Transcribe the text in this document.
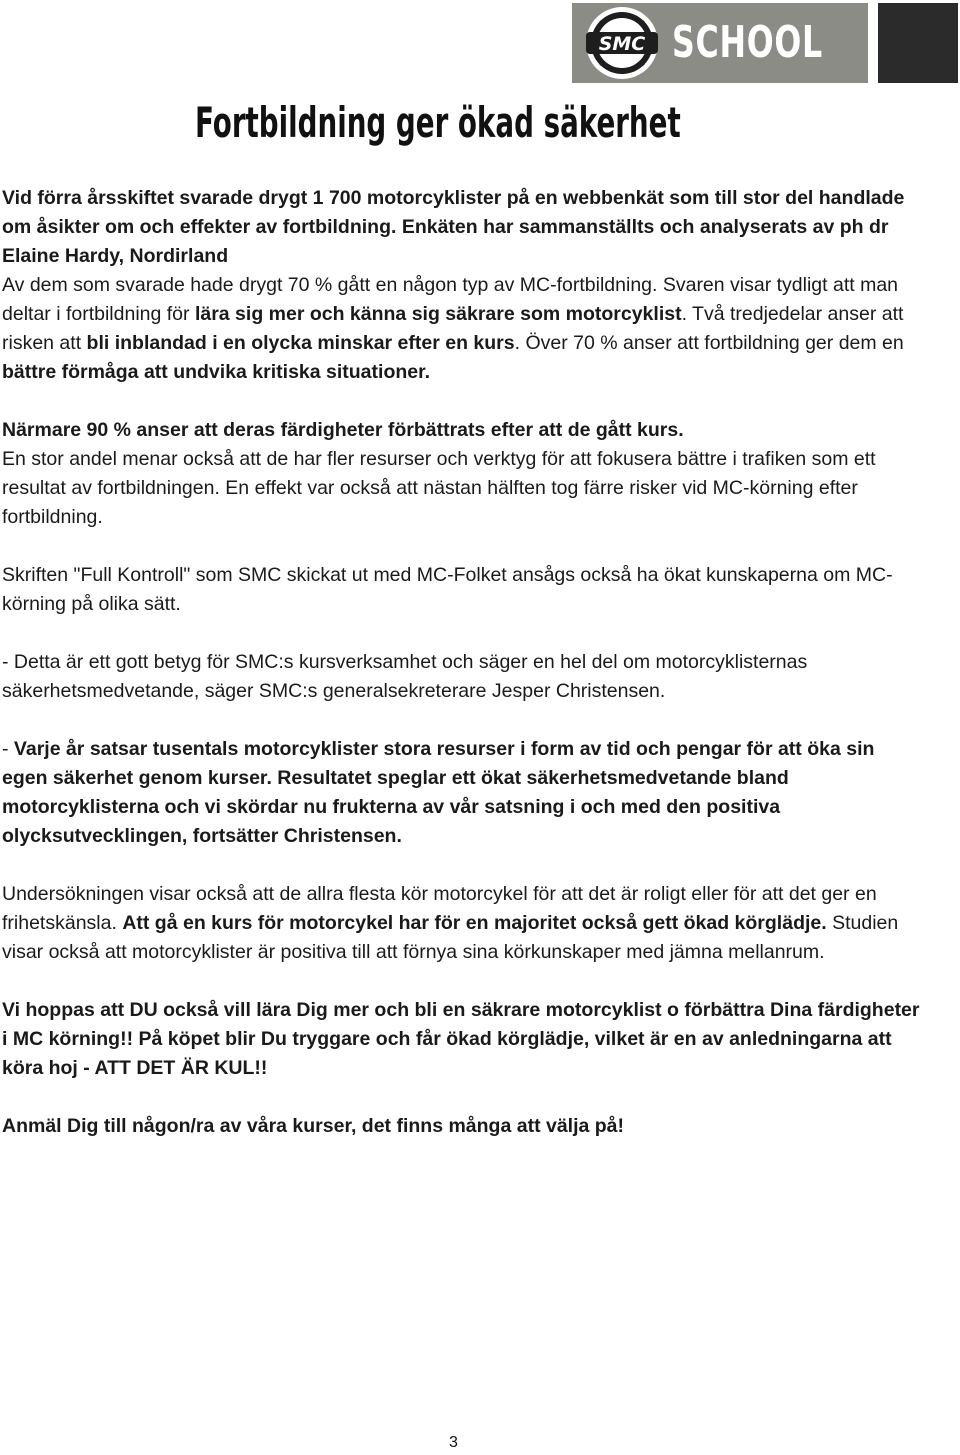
SMC SCHOOL
Fortbildning ger ökad säkerhet

Vid förra årsskiftet svarade drygt 1 700 motorcyklister på en webbenkät som till stor del handlade om åsikter om och effekter av fortbildning. Enkäten har sammanställts och analyserats av ph dr Elaine Hardy, Nordirland
Av dem som svarade hade drygt 70 % gått en någon typ av MC-fortbildning. Svaren visar tydligt att man deltar i fortbildning för lära sig mer och känna sig säkrare som motorcyklist. Två tredjedelar anser att risken att bli inblandad i en olycka minskar efter en kurs. Över 70 % anser att fortbildning ger dem en bättre förmåga att undvika kritiska situationer.

Närmare 90 % anser att deras färdigheter förbättrats efter att de gått kurs.
En stor andel menar också att de har fler resurser och verktyg för att fokusera bättre i trafiken som ett resultat av fortbildningen. En effekt var också att nästan hälften tog färre risker vid MC-körning efter fortbildning.

Skriften "Full Kontroll" som SMC skickat ut med MC-Folket ansågs också ha ökat kunskaperna om MC-körning på olika sätt.

- Detta är ett gott betyg för SMC:s kursverksamhet och säger en hel del om motorcyklisternas säkerhetsmedvetande, säger SMC:s generalsekreterare Jesper Christensen.

- Varje år satsar tusentals motorcyklister stora resurser i form av tid och pengar för att öka sin egen säkerhet genom kurser. Resultatet speglar ett ökat säkerhetsmedvetande bland motorcyklisterna och vi skördar nu frukterna av vår satsning i och med den positiva olycksutvecklingen, fortsätter Christensen.

Undersökningen visar också att de allra flesta kör motorcykel för att det är roligt eller för att det ger en frihetskänsla. Att gå en kurs för motorcykel har för en majoritet också gett ökad körglädje. Studien visar också att motorcyklister är positiva till att förnya sina körkunskaper med jämna mellanrum.

Vi hoppas att DU också vill lära Dig mer och bli en säkrare motorcyklist o förbättra Dina färdigheter i MC körning!! På köpet blir Du tryggare och får ökad körglädje, vilket är en av anledningarna att köra hoj - ATT DET ÄR KUL!!

Anmäl Dig till någon/ra av våra kurser, det finns många att välja på!

3
